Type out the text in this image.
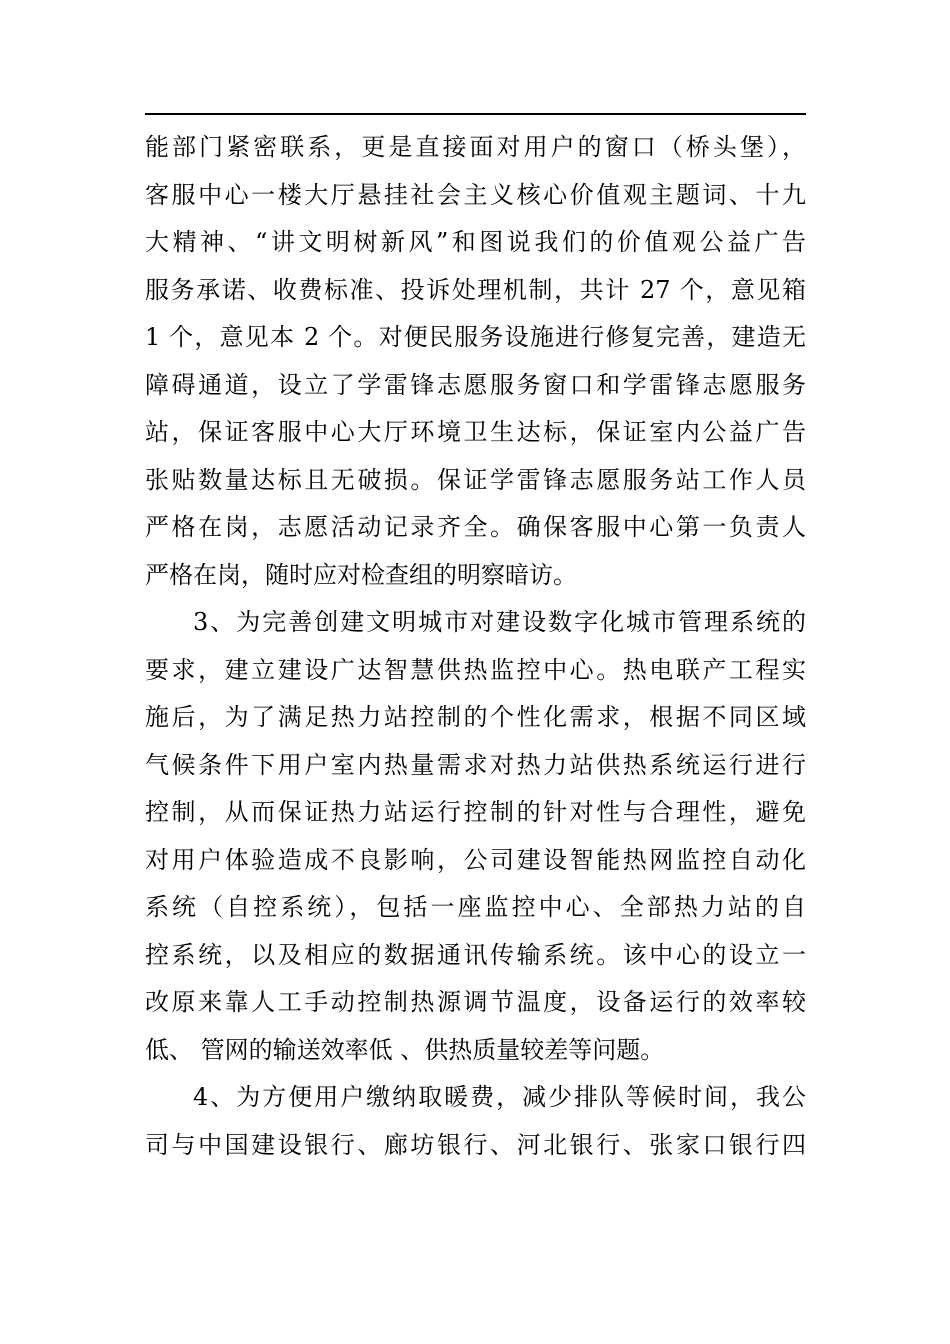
能部门紧密联系，更是直接面对用户的窗口（桥头堡），
客服中心一楼大厅悬挂社会主义核心价值观主题词、十九
大精神、“讲文明树新风”和图说我们的价值观公益广告
服务承诺、收费标准、投诉处理机制，共计 27 个，意见箱
1 个，意见本 2 个。对便民服务设施进行修复完善，建造无
障碍通道，设立了学雷锋志愿服务窗口和学雷锋志愿服务
站，保证客服中心大厅环境卫生达标，保证室内公益广告
张贴数量达标且无破损。保证学雷锋志愿服务站工作人员
严格在岗，志愿活动记录齐全。确保客服中心第一负责人
严格在岗，随时应对检查组的明察暗访。
3、为完善创建文明城市对建设数字化城市管理系统的
要求，建立建设广达智慧供热监控中心。热电联产工程实
施后，为了满足热力站控制的个性化需求，根据不同区域
气候条件下用户室内热量需求对热力站供热系统运行进行
控制，从而保证热力站运行控制的针对性与合理性，避免
对用户体验造成不良影响，公司建设智能热网监控自动化
系统（自控系统），包括一座监控中心、全部热力站的自
控系统，以及相应的数据通讯传输系统。该中心的设立一
改原来靠人工手动控制热源调节温度，设备运行的效率较
低、 管网的输送效率低 、供热质量较差等问题。
4、为方便用户缴纳取暖费，减少排队等候时间，我公
司与中国建设银行、廊坊银行、河北银行、张家口银行四
